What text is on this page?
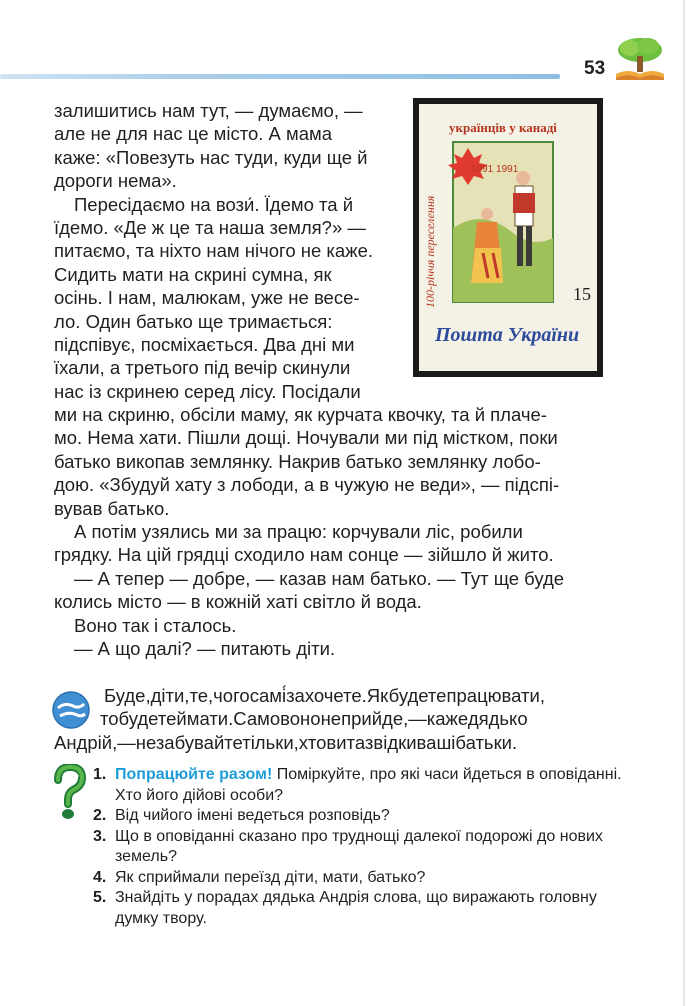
53
українців у канаді
100-річчя переселення
1891 1991
15
Пошта України
залишитись нам тут, — думаємо, —
але не для нас це місто. А мама
каже: «Повезуть нас туди, куди ще й
дороги нема».
Пересідаємо на вози́. Їдемо та й
їдемо. «Де ж це та наша земля?» —
питаємо, та ніхто нам нічого не каже.
Сидить мати на скрині сумна, як
осінь. І нам, малюкам, уже не весе-
ло. Один батько ще тримається:
підспівує, посміхається. Два дні ми
їхали, а третього під вечір скинули
нас із скринею серед лісу. Посідали
ми на скриню, обсіли маму, як курчата квочку, та й плаче-
мо. Нема хати. Пішли дощі. Ночували ми під містком, поки
батько викопав землянку. Накрив батько землянку лобо-
дою. «Збудуй хату з лободи, а в чужую не веди», — підспі-
вував батько.
А потім узялись ми за працю: корчували ліс, робили
грядку. На цій грядці сходило нам сонце — зійшло й жито.
— А тепер — добре, — казав нам батько. — Тут ще буде
колись місто — в кожній хаті світло й вода.
Воно так і сталось.
— А що далі? — питають діти.
Буде,діти,те,чогосамі́захочете.Якбудетепрацювати,
тобудетеймати.Самовононеприйде,—кажедядько
Андрій,—незабувайтетільки,хтовитазвідкивашібатьки.
1. Попрацюйте разом! Поміркуйте, про які часи йдеться в оповіданні. Хто його дійові особи?
2. Від чийого імені ведеться розповідь?
3. Що в оповіданні сказано про труднощі далекої подорожі до нових земель?
4. Як сприймали переїзд діти, мати, батько?
5. Знайдіть у порадах дядька Андрія слова, що виражають головну думку твору.
